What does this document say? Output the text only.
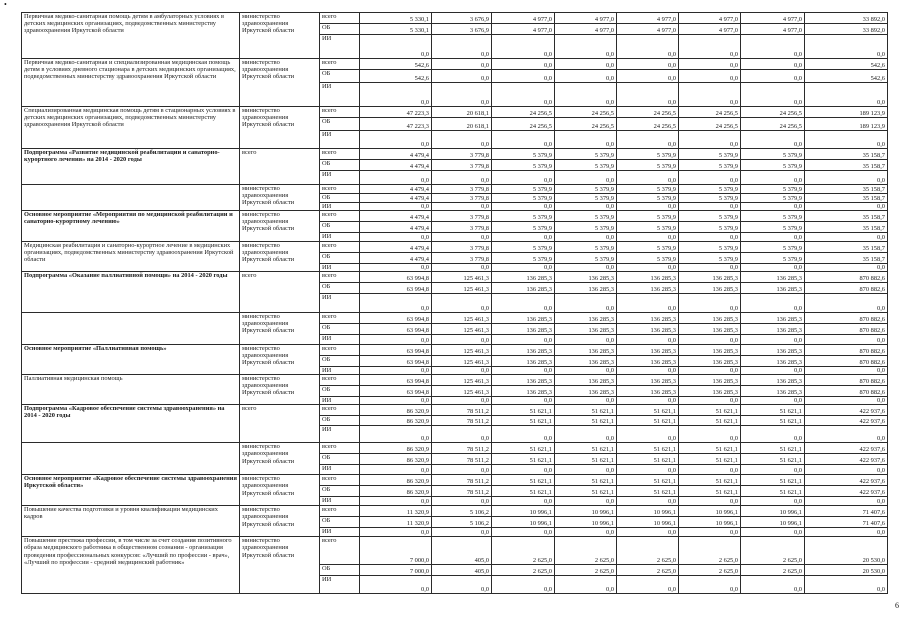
•
Первичная медико-санитарная помощь детям в амбулаторных условиях в детских медицинских организациях, подведомственных министерству здравоохранения Иркутской области	министерство здравоохранения Иркутской области	всего	5 330,1	3 676,9	4 977,0	4 977,0	4 977,0	4 977,0	4 977,0	33 892,0
		ОБ	5 330,1	3 676,9	4 977,0	4 977,0	4 977,0	4 977,0	4 977,0	33 892,0
		ИИ	0,0	0,0	0,0	0,0	0,0	0,0	0,0	0,0
Первичная медико-санитарная и специализированная медицинская помощь детям в условиях дневного стационара в детских медицинских организациях, подведомственных министерству здравоохранения Иркутской области	министерство здравоохранения Иркутской области	всего	542,6	0,0	0,0	0,0	0,0	0,0	0,0	542,6
		ОБ	542,6	0,0	0,0	0,0	0,0	0,0	0,0	542,6
		ИИ	0,0	0,0	0,0	0,0	0,0	0,0	0,0	0,0
Специализированная медицинская помощь детям в стационарных условиях в детских медицинских организациях, подведомственных министерству здравоохранения Иркутской области	министерство здравоохранения Иркутской области	всего	47 223,3	20 618,1	24 256,5	24 256,5	24 256,5	24 256,5	24 256,5	189 123,9
		ОБ	47 223,3	20 618,1	24 256,5	24 256,5	24 256,5	24 256,5	24 256,5	189 123,9
		ИИ	0,0	0,0	0,0	0,0	0,0	0,0	0,0	0,0
Подпрограмма «Развитие медицинской реабилитации и санаторно-курортного лечения» на 2014 - 2020 годы	всего	всего	4 479,4	3 779,8	5 379,9	5 379,9	5 379,9	5 379,9	5 379,9	35 158,7
		ОБ	4 479,4	3 779,8	5 379,9	5 379,9	5 379,9	5 379,9	5 379,9	35 158,7
		ИИ	0,0	0,0	0,0	0,0	0,0	0,0	0,0	0,0
	министерство здравоохранения Иркутской области	всего	4 479,4	3 779,8	5 379,9	5 379,9	5 379,9	5 379,9	5 379,9	35 158,7
		ОБ	4 479,4	3 779,8	5 379,9	5 379,9	5 379,9	5 379,9	5 379,9	35 158,7
		ИИ	0,0	0,0	0,0	0,0	0,0	0,0	0,0	0,0
Основное мероприятие «Мероприятия по медицинской реабилитации и санаторно-курортному лечению»	министерство здравоохранения Иркутской области	всего	4 479,4	3 779,8	5 379,9	5 379,9	5 379,9	5 379,9	5 379,9	35 158,7
		ОБ	4 479,4	3 779,8	5 379,9	5 379,9	5 379,9	5 379,9	5 379,9	35 158,7
		ИИ	0,0	0,0	0,0	0,0	0,0	0,0	0,0	0,0
Медицинская реабилитация и санаторно-курортное лечение в медицинских организациях, подведомственных министерству здравоохранения Иркутской области	министерство здравоохранения Иркутской области	всего	4 479,4	3 779,8	5 379,9	5 379,9	5 379,9	5 379,9	5 379,9	35 158,7
		ОБ	4 479,4	3 779,8	5 379,9	5 379,9	5 379,9	5 379,9	5 379,9	35 158,7
		ИИ	0,0	0,0	0,0	0,0	0,0	0,0	0,0	0,0
Подпрограмма «Оказание паллиативной помощи» на 2014 - 2020 годы	всего	всего	63 994,8	125 461,3	136 285,3	136 285,3	136 285,3	136 285,3	136 285,3	870 882,6
		ОБ	63 994,8	125 461,3	136 285,3	136 285,3	136 285,3	136 285,3	136 285,3	870 882,6
		ИИ	0,0	0,0	0,0	0,0	0,0	0,0	0,0	0,0
	министерство здравоохранения Иркутской области	всего	63 994,8	125 461,3	136 285,3	136 285,3	136 285,3	136 285,3	136 285,3	870 882,6
		ОБ	63 994,8	125 461,3	136 285,3	136 285,3	136 285,3	136 285,3	136 285,3	870 882,6
		ИИ	0,0	0,0	0,0	0,0	0,0	0,0	0,0	0,0
Основное мероприятие «Паллиативная помощь»	министерство здравоохранения Иркутской области	всего	63 994,8	125 461,3	136 285,3	136 285,3	136 285,3	136 285,3	136 285,3	870 882,6
		ОБ	63 994,8	125 461,3	136 285,3	136 285,3	136 285,3	136 285,3	136 285,3	870 882,6
		ИИ	0,0	0,0	0,0	0,0	0,0	0,0	0,0	0,0
Паллиативная медицинская помощь	министерство здравоохранения Иркутской области	всего	63 994,8	125 461,3	136 285,3	136 285,3	136 285,3	136 285,3	136 285,3	870 882,6
		ОБ	63 994,8	125 461,3	136 285,3	136 285,3	136 285,3	136 285,3	136 285,3	870 882,6
		ИИ	0,0	0,0	0,0	0,0	0,0	0,0	0,0	0,0
Подпрограмма «Кадровое обеспечение системы здравоохранения» на 2014 - 2020 годы	всего	всего	86 320,9	78 511,2	51 621,1	51 621,1	51 621,1	51 621,1	51 621,1	422 937,6
		ОБ	86 320,9	78 511,2	51 621,1	51 621,1	51 621,1	51 621,1	51 621,1	422 937,6
		ИИ	0,0	0,0	0,0	0,0	0,0	0,0	0,0	0,0
	министерство здравоохранения Иркутской области	всего	86 320,9	78 511,2	51 621,1	51 621,1	51 621,1	51 621,1	51 621,1	422 937,6
		ОБ	86 320,9	78 511,2	51 621,1	51 621,1	51 621,1	51 621,1	51 621,1	422 937,6
		ИИ	0,0	0,0	0,0	0,0	0,0	0,0	0,0	0,0
Основное мероприятие «Кадровое обеспечение системы здравоохранения Иркутской области»	министерство здравоохранения Иркутской области	всего	86 320,9	78 511,2	51 621,1	51 621,1	51 621,1	51 621,1	51 621,1	422 937,6
		ОБ	86 320,9	78 511,2	51 621,1	51 621,1	51 621,1	51 621,1	51 621,1	422 937,6
		ИИ	0,0	0,0	0,0	0,0	0,0	0,0	0,0	0,0
Повышение качества подготовки и уровня квалификации медицинских кадров	министерство здравоохранения Иркутской области	всего	11 320,9	5 106,2	10 996,1	10 996,1	10 996,1	10 996,1	10 996,1	71 407,6
		ОБ	11 320,9	5 106,2	10 996,1	10 996,1	10 996,1	10 996,1	10 996,1	71 407,6
		ИИ	0,0	0,0	0,0	0,0	0,0	0,0	0,0	0,0
Повышение престижа профессии, в том числе за счет создания позитивного образа медицинского работника в общественном сознании - организация проведения профессиональных конкурсов: «Лучший по профессии - врач», «Лучший по профессии - средний медицинский работник»	министерство здравоохранения Иркутской области	всего	7 000,0	405,0	2 625,0	2 625,0	2 625,0	2 625,0	2 625,0	20 530,0
		ОБ	7 000,0	405,0	2 625,0	2 625,0	2 625,0	2 625,0	2 625,0	20 530,0
		ИИ	0,0	0,0	0,0	0,0	0,0	0,0	0,0	0,0
6
